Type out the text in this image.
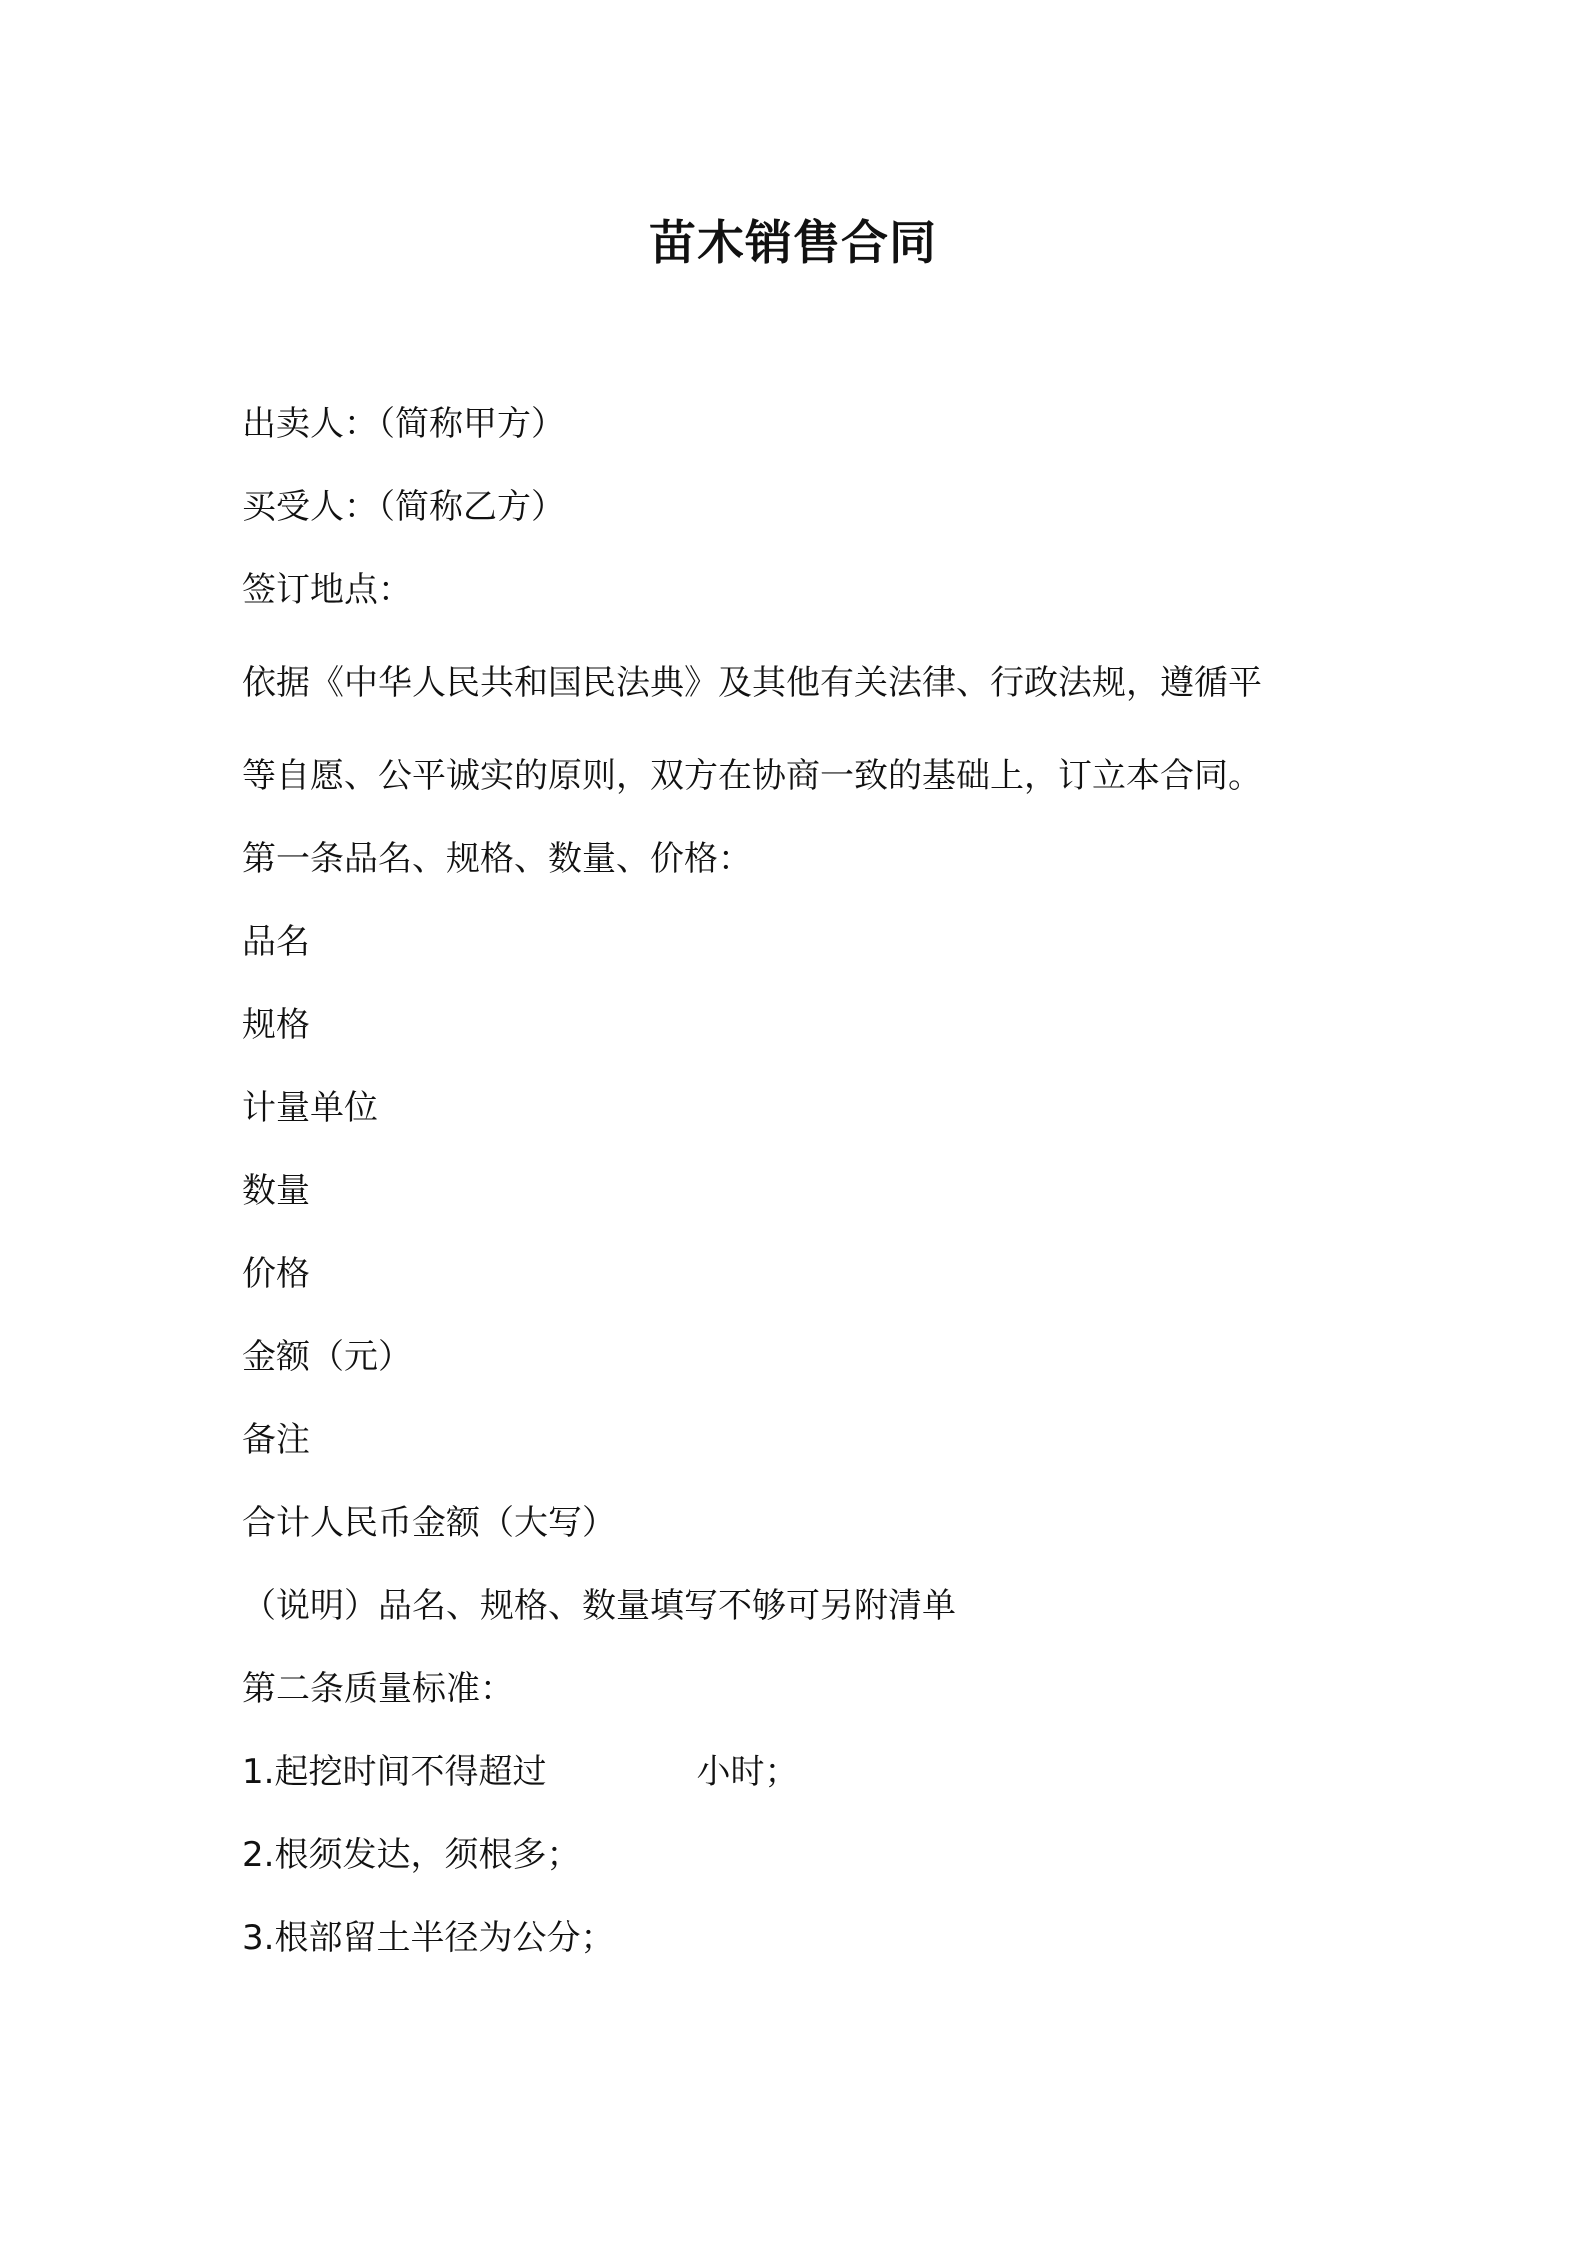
苗木销售合同
出卖人：（简称甲方）
买受人：（简称乙方）
签订地点：
依据《中华人民共和国民法典》及其他有关法律、行政法规，遵循平
等自愿、公平诚实的原则，双方在协商一致的基础上，订立本合同。
第一条品名、规格、数量、价格：
品名
规格
计量单位
数量
价格
金额（元）
备注
合计人民币金额（大写）
（说明）品名、规格、数量填写不够可另附清单
第二条质量标准：
1.起挖时间不得超过	小时；
2.根须发达，须根多；
3.根部留土半径为公分；
